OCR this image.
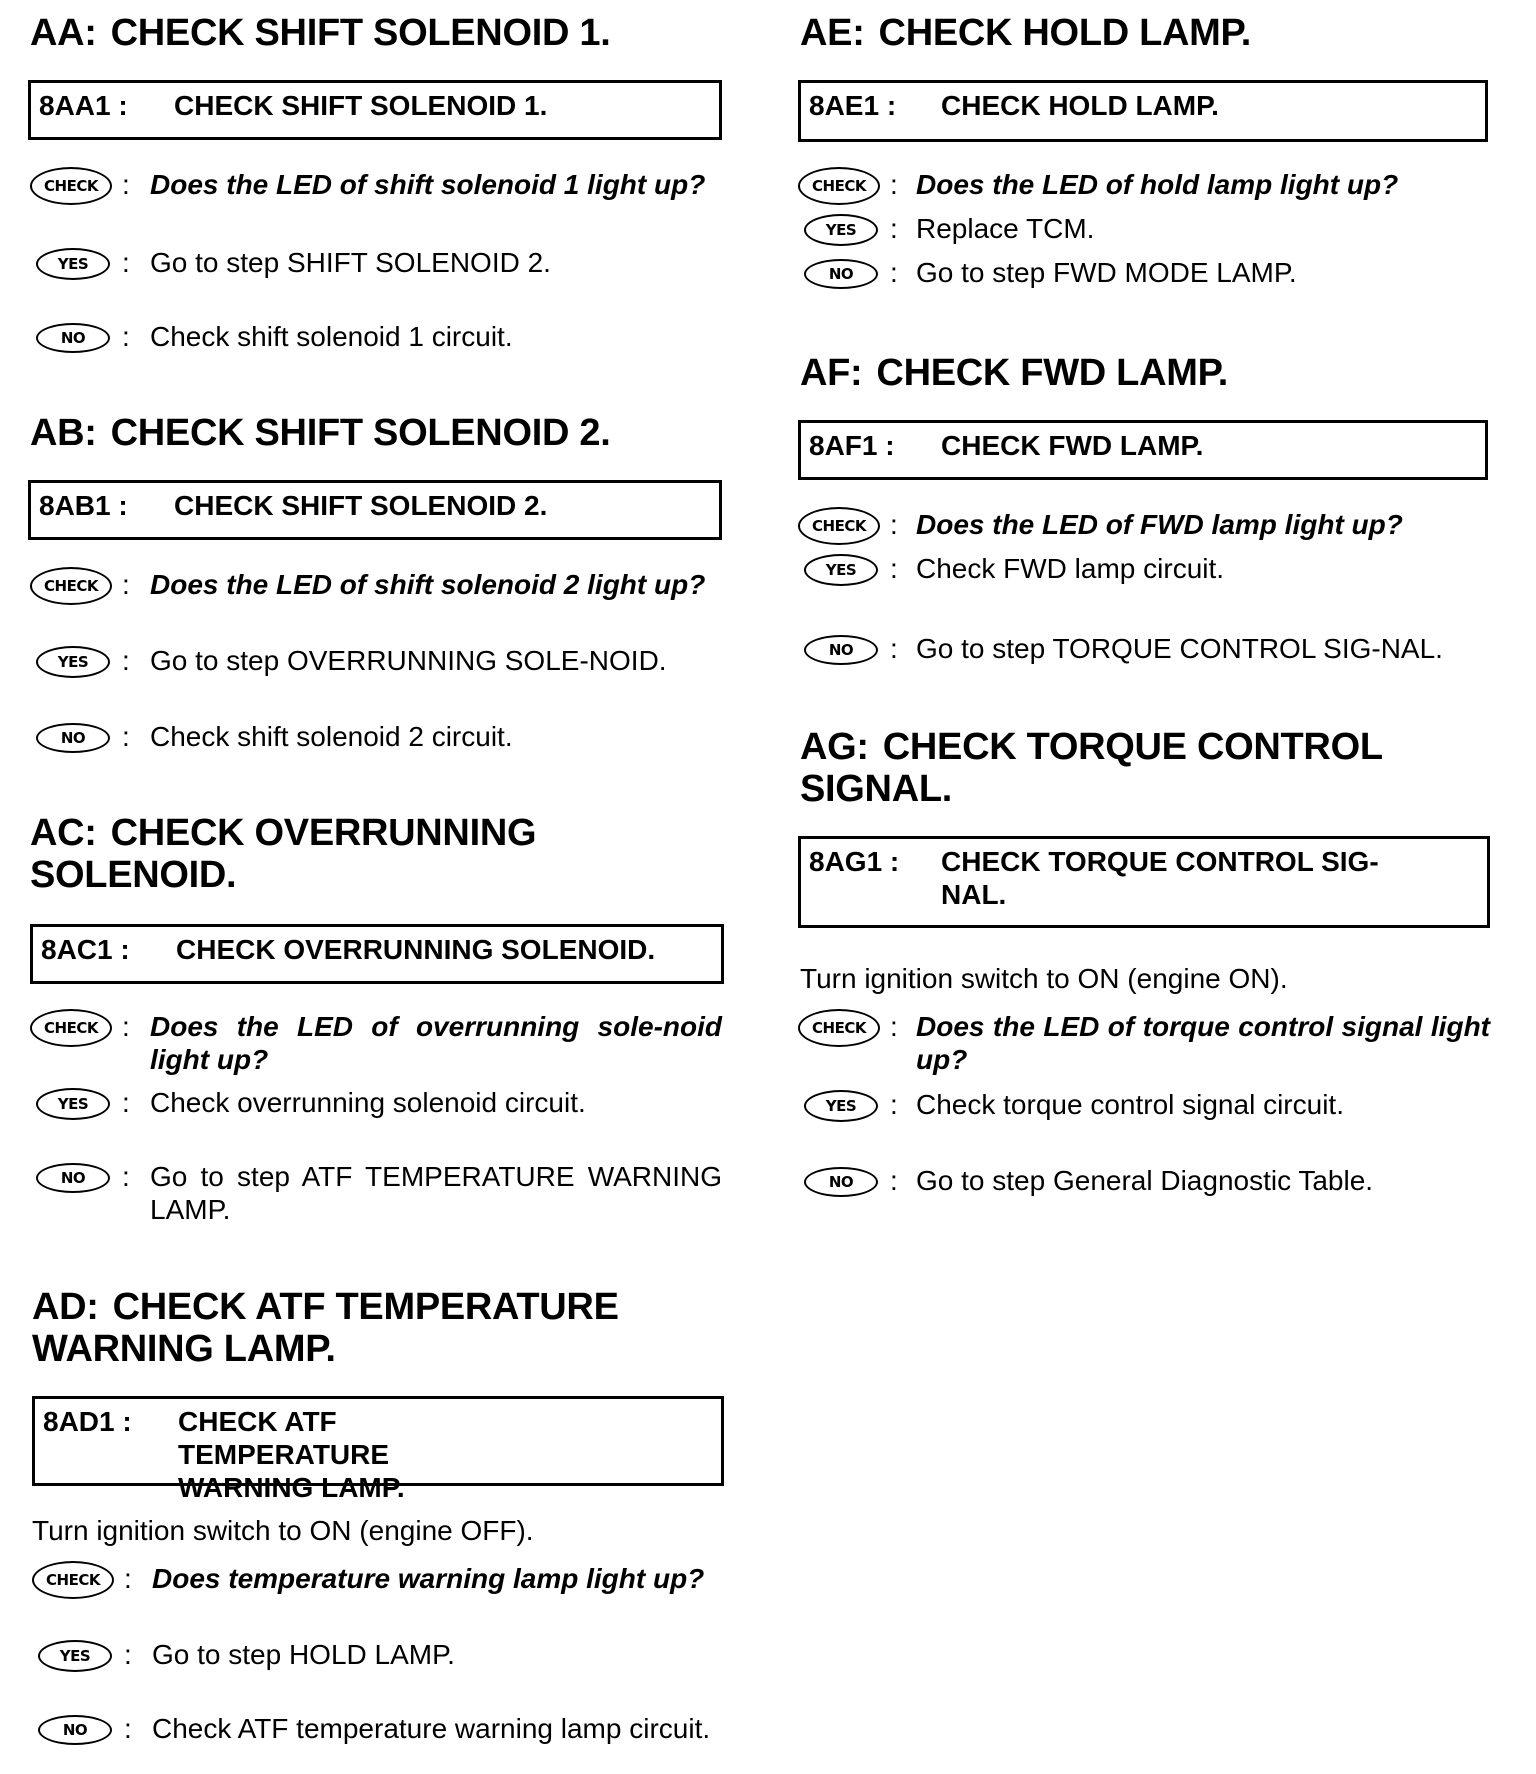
AA: CHECK SHIFT SOLENOID 1.
8AA1 :	CHECK SHIFT SOLENOID 1.
CHECK : Does the LED of shift solenoid 1 light up?
YES	: Go to step SHIFT SOLENOID 2.
NO	: Check shift solenoid 1 circuit.
AB: CHECK SHIFT SOLENOID 2.
8AB1 :	CHECK SHIFT SOLENOID 2.
CHECK : Does the LED of shift solenoid 2 light up?
YES	: Go to step OVERRUNNING SOLE-NOID.
NO	: Check shift solenoid 2 circuit.
AC: CHECK OVERRUNNING SOLENOID.
8AC1 :	CHECK OVERRUNNING SOLENOID.
CHECK : Does the LED of overrunning sole-noid light up?
YES	: Check overrunning solenoid circuit.
NO	: Go to step ATF TEMPERATURE WARNING LAMP.
AD: CHECK ATF TEMPERATURE WARNING LAMP.
8AD1 :	CHECK ATF TEMPERATURE WARNING LAMP.
Turn ignition switch to ON (engine OFF).
CHECK : Does temperature warning lamp light up?
YES	: Go to step HOLD LAMP.
NO	: Check ATF temperature warning lamp circuit.
AE: CHECK HOLD LAMP.
8AE1 :	CHECK HOLD LAMP.
CHECK : Does the LED of hold lamp light up?
YES	: Replace TCM.
NO	: Go to step FWD MODE LAMP.
AF: CHECK FWD LAMP.
8AF1 :	CHECK FWD LAMP.
CHECK : Does the LED of FWD lamp light up?
YES	: Check FWD lamp circuit.
NO	: Go to step TORQUE CONTROL SIG-NAL.
AG: CHECK TORQUE CONTROL SIGNAL.
8AG1 :	CHECK TORQUE CONTROL SIG-NAL.
Turn ignition switch to ON (engine ON).
CHECK : Does the LED of torque control signal light up?
YES	: Check torque control signal circuit.
NO	: Go to step General Diagnostic Table.
